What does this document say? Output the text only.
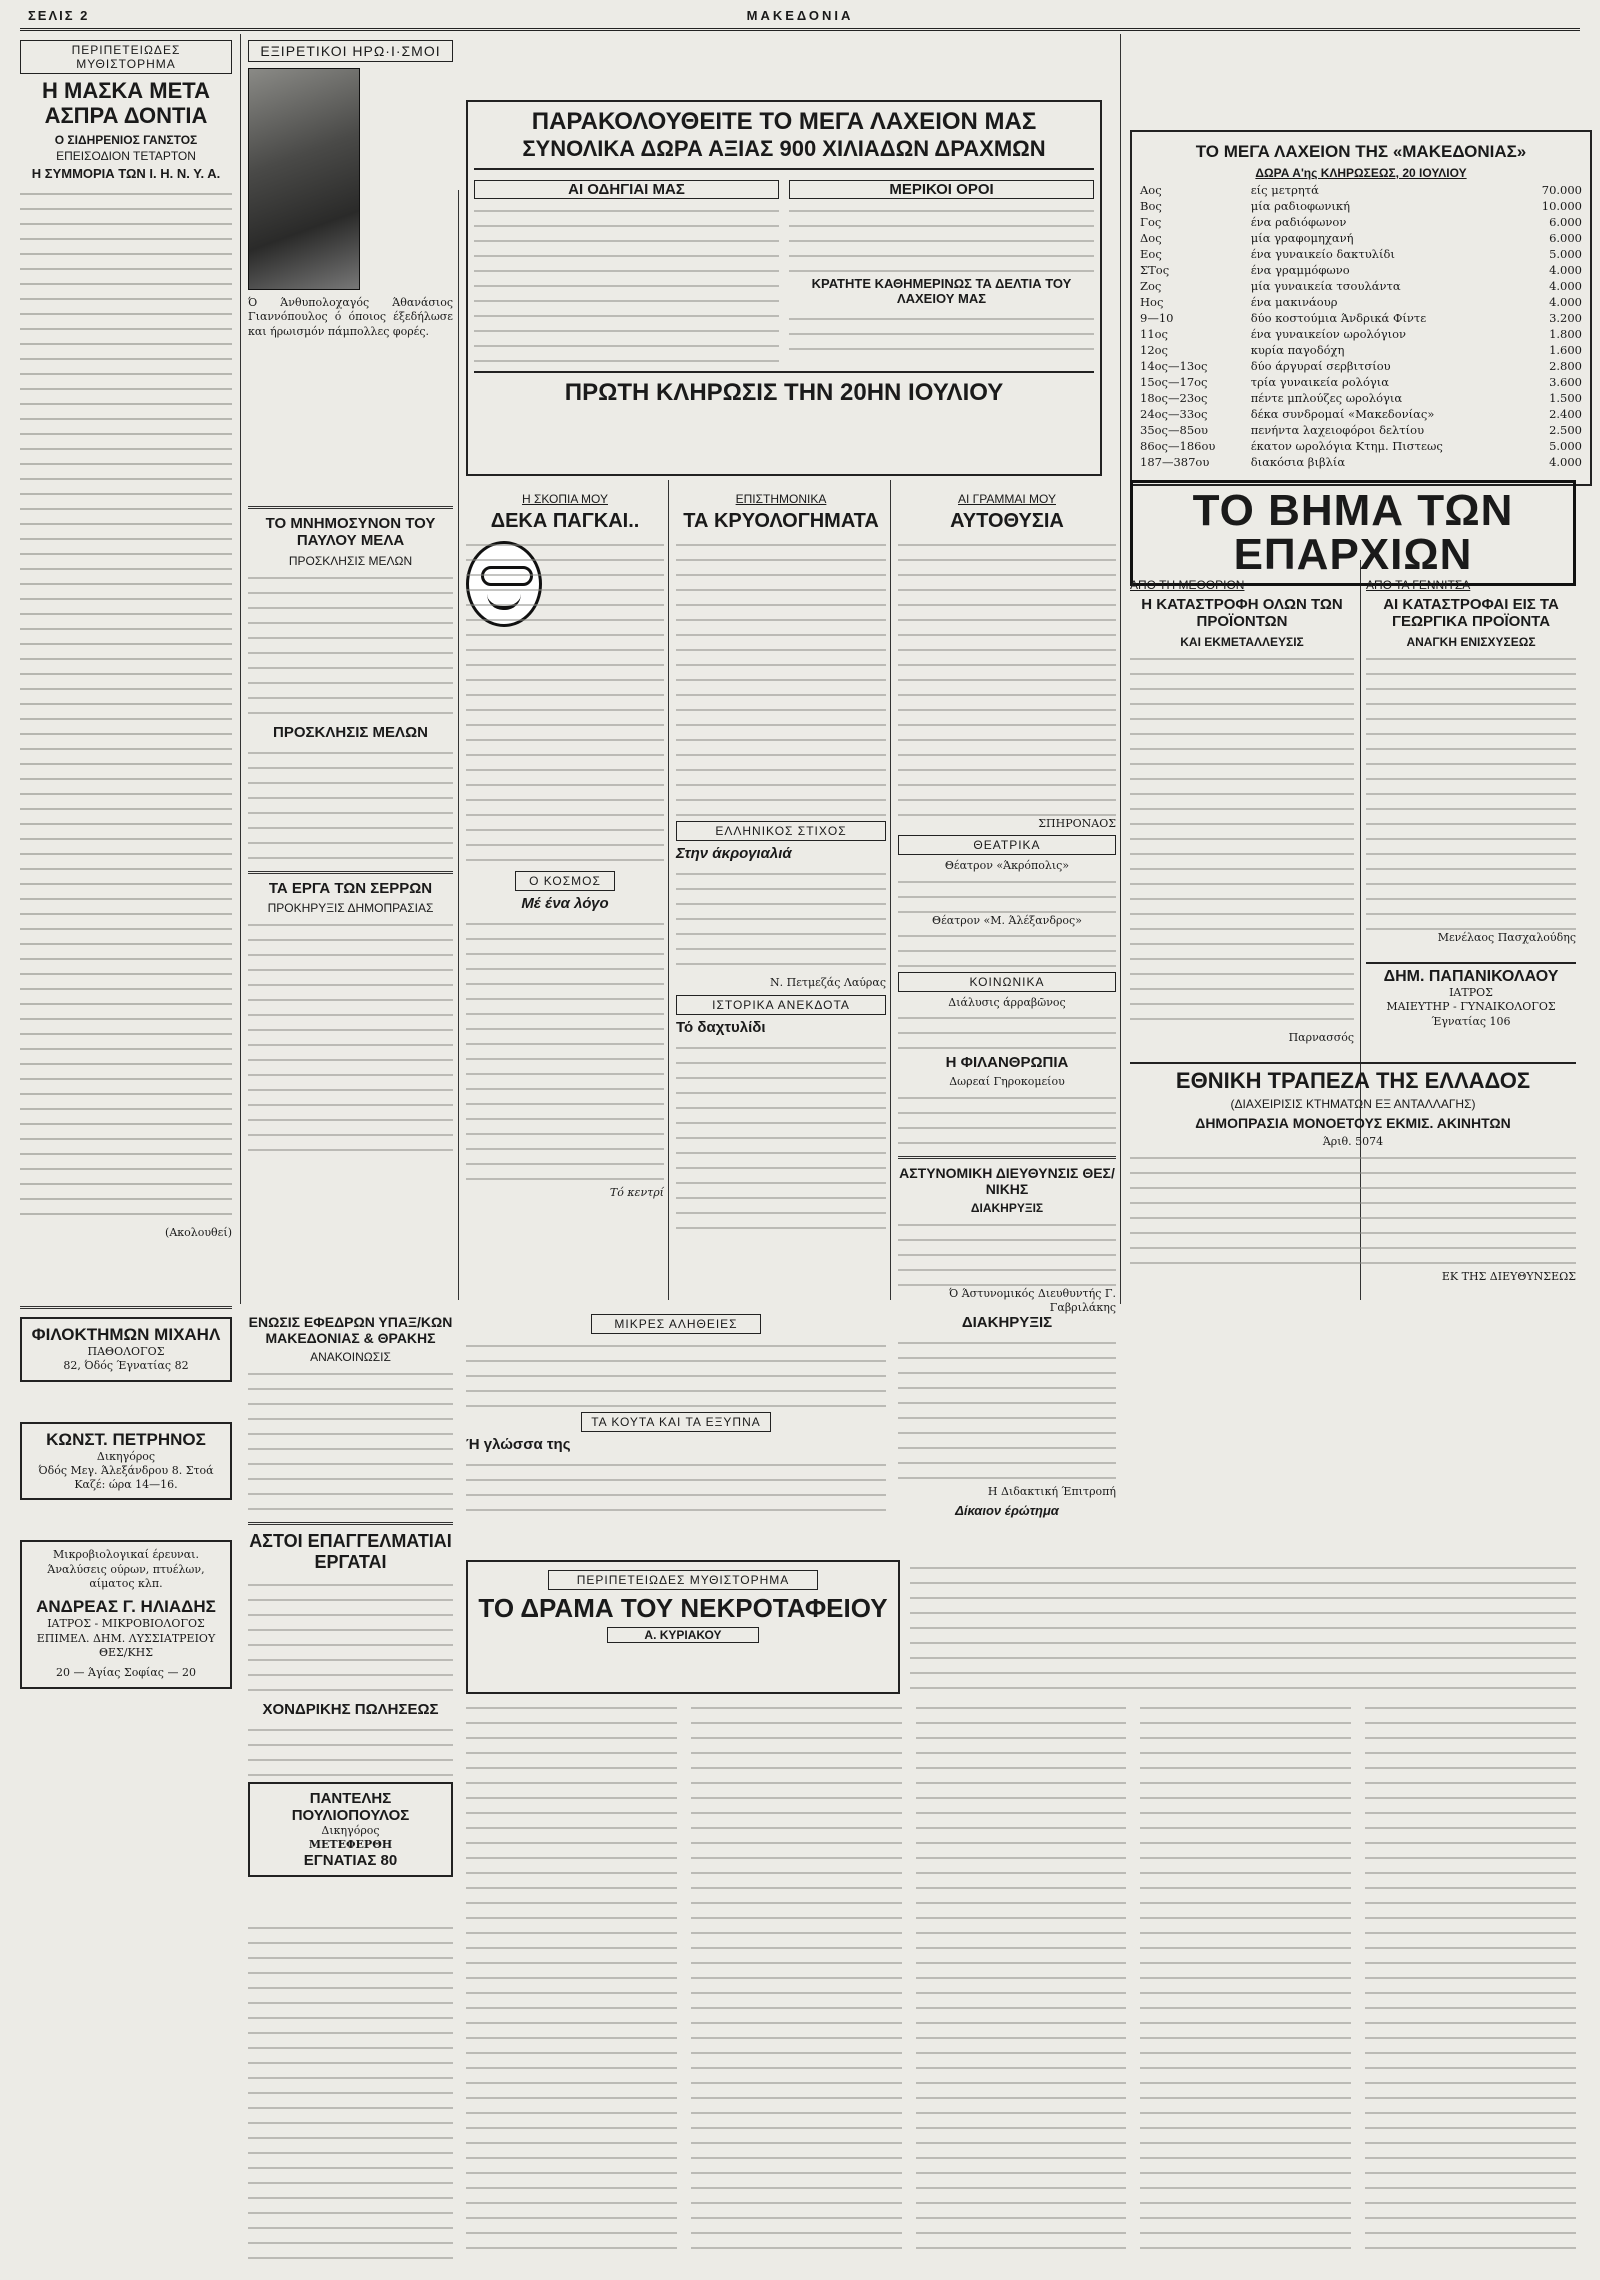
ΣΕΛΙΣ 2	ΜΑΚΕΔΟΝΙΑ
ΠΕΡΙΠΕΤΕΙΩΔΕΣ ΜΥΘΙΣΤΟΡΗΜΑ
Η ΜΑΣΚΑ ΜΕΤΑ ΑΣΠΡΑ ΔΟΝΤΙΑ
Ο ΣΙΔΗΡΕΝΙΟΣ ΓΑΝΣΤΟΣ
ΕΠΕΙΣΟΔΙΟΝ ΤΕΤΑΡΤΟΝ
Η ΣΥΜΜΟΡΙΑ ΤΩΝ Ι. Η. Ν. Υ. Α.
(Ακολουθεί)
ΦΙΛΟΚΤΗΜΩΝ ΜΙΧΑΗΛ
ΠΑΘΟΛΟΓΟΣ
82, Όδός Έγνατίας 82
ΚΩΝΣΤ. ΠΕΤΡΗΝΟΣ
Δικηγόρος
Όδός Μεγ. Άλεξάνδρου 8. Στοά Καζέ: ώρα 14—16.
Μικροβιολογικαί έρευναι. Άναλύσεις ούρων, πτυέλων, αίματος κλπ.
ΑΝΔΡΕΑΣ Γ. ΗΛΙΑΔΗΣ
ΙΑΤΡΟΣ - ΜΙΚΡΟΒΙΟΛΟΓΟΣ
ΕΠΙΜΕΛ. ΔΗΜ. ΛΥΣΣΙΑΤΡΕΙΟΥ ΘΕΣ/ΚΗΣ
20 — Άγίας Σοφίας — 20
ΕΞΙΡΕΤΙΚΟΙ ΗΡΩ·Ι·ΣΜΟΙ
Ό Άνθυπολοχαγός Άθανάσιος Γιαννόπουλος ό όποιος έξεδήλωσε και ήρωισμόν πάμπολλες φορές.
ΠΑΡΑΚΟΛΟΥΘΕΙΤΕ ΤΟ ΜΕΓΑ ΛΑΧΕΙΟΝ ΜΑΣ
ΣΥΝΟΛΙΚΑ ΔΩΡΑ ΑΞΙΑΣ 900 ΧΙΛΙΑΔΩΝ ΔΡΑΧΜΩΝ
ΑΙ ΟΔΗΓΙΑΙ ΜΑΣ	ΜΕΡΙΚΟΙ ΟΡΟΙ
ΚΡΑΤΗΤΕ ΚΑΘΗΜΕΡΙΝΩΣ ΤΑ ΔΕΛΤΙΑ ΤΟΥ ΛΑΧΕΙΟΥ ΜΑΣ
ΠΡΩΤΗ ΚΛΗΡΩΣΙΣ ΤΗΝ 20ΗΝ ΙΟΥΛΙΟΥ
ΤΟ ΜΕΓΑ ΛΑΧΕΙΟΝ ΤΗΣ «ΜΑΚΕΔΟΝΙΑΣ»
ΔΩΡΑ Α'ης ΚΛΗΡΩΣΕΩΣ, 20 ΙΟΥΛΙΟΥ
Αος	είς μετρητά	70.000
Βος	μία ραδιοφωνική	10.000
Γος	ένα ραδιόφωνον	6.000
Δος	μία γραφομηχανή	6.000
Εος	ένα γυναικείο δακτυλίδι	5.000
ΣΤος	ένα γραμμόφωνο	4.000
Ζος	μία γυναικεία τσουλάντα	4.000
Ηος	ένα μακινάουρ	4.000
9—10	δύο κοστούμια Άνδρικά Φίντε	3.200
11ος	ένα γυναικείον ωρολόγιον	1.800
12ος	κυρία παγοδόχη	1.600
14ος—13ος	δύο άργυραί σερβιτσίου	2.800
15ος—17ος	τρία γυναικεία ρολόγια	3.600
18ος—23ος	πέντε μπλούζες ωρολόγια	1.500
24ος—33ος	δέκα συνδρομαί «Μακεδονίας»	2.400
35ος—85ου	πενήντα λαχειοφόροι δελτίου	2.500
86ος—186ου	έκατον ωρολόγια Κτημ. Πιστεως	5.000
187—387ου	διακόσια βιβλία	4.000
ΤΟ ΜΝΗΜΟΣΥΝΟΝ ΤΟΥ ΠΑΥΛΟΥ ΜΕΛΑ
ΠΡΟΣΚΛΗΣΙΣ ΜΕΛΩΝ
ΠΡΟΣΚΛΗΣΙΣ ΜΕΛΩΝ
ΤΑ ΕΡΓΑ ΤΩΝ ΣΕΡΡΩΝ
ΠΡΟΚΗΡΥΞΙΣ ΔΗΜΟΠΡΑΣΙΑΣ
Η ΣΚΟΠΙΑ ΜΟΥ
ΔΕΚΑ ΠΑΓΚΑΙ..
Ο ΚΟΣΜΟΣ
Μέ ένα λόγο
Τό κεντρί
ΕΠΙΣΤΗΜΟΝΙΚΑ
ΤΑ ΚΡΥΟΛΟΓΗΜΑΤΑ
ΕΛΛΗΝΙΚΟΣ ΣΤΙΧΟΣ
Στην άκρογιαλιά
Ν. Πετμεζάς Λαύρας
ΙΣΤΟΡΙΚΑ ΑΝΕΚΔΟΤΑ
Τό δαχτυλίδι
ΑΙ ΓΡΑΜΜΑΙ ΜΟΥ
ΑΥΤΟΘΥΣΙΑ
ΣΠΗΡΟΝΑΟΣ
ΘΕΑΤΡΙΚΑ
Θέατρον «Άκρόπολις»
Θέατρον «Μ. Άλέξανδρος»
ΚΟΙΝΩΝΙΚΑ
Διάλυσις άρραβῶνος
Η ΦΙΛΑΝΘΡΩΠΙΑ
Δωρεαί Γηροκομείου
ΑΣΤΥΝΟΜΙΚΗ ΔΙΕΥΘΥΝΣΙΣ ΘΕΣ/ΝΙΚΗΣ
ΔΙΑΚΗΡΥΞΙΣ
Ό Άστυνομικός Διευθυντής Γ. Γαβριλάκης
ΤΟ ΒΗΜΑ ΤΩΝ ΕΠΑΡΧΙΩΝ
ΑΠΟ ΤΗ ΜΕΘΟΡΙΟΝ
Η ΚΑΤΑΣΤΡΟΦΗ ΟΛΩΝ ΤΩΝ ΠΡΟΪΟΝΤΩΝ
ΚΑΙ ΕΚΜΕΤΑΛΛΕΥΣΙΣ
Παρνασσός
ΑΠΟ ΤΑ ΓΕΝΝΙΤΣΑ
ΑΙ ΚΑΤΑΣΤΡΟΦΑΙ ΕΙΣ ΤΑ ΓΕΩΡΓΙΚΑ ΠΡΟΪΟΝΤΑ
ΑΝΑΓΚΗ ΕΝΙΣΧΥΣΕΩΣ
Μενέλαος Πασχαλούδης
ΔΗΜ. ΠΑΠΑΝΙΚΟΛΑΟΥ
ΙΑΤΡΟΣ
ΜΑΙΕΥΤΗΡ - ΓΥΝΑΙΚΟΛΟΓΟΣ
Έγνατίας 106
ΕΘΝΙΚΗ ΤΡΑΠΕΖΑ ΤΗΣ ΕΛΛΑΔΟΣ
(ΔΙΑΧΕΙΡΙΣΙΣ ΚΤΗΜΑΤΩΝ ΕΞ ΑΝΤΑΛΛΑΓΗΣ)
ΔΗΜΟΠΡΑΣΙΑ ΜΟΝΟΕΤΟΥΣ ΕΚΜΙΣ. ΑΚΙΝΗΤΩΝ
Άριθ. 5074
ΕΚ ΤΗΣ ΔΙΕΥΘΥΝΣΕΩΣ
ΕΝΩΣΙΣ ΕΦΕΔΡΩΝ ΥΠΑΞ/ΚΩΝ ΜΑΚΕΔΟΝΙΑΣ & ΘΡΑΚΗΣ
ΑΝΑΚΟΙΝΩΣΙΣ
ΑΣΤΟΙ ΕΠΑΓΓΕΛΜΑΤΙΑΙ ΕΡΓΑΤΑΙ
ΧΟΝΔΡΙΚΗΣ ΠΩΛΗΣΕΩΣ
ΠΑΝΤΕΛΗΣ ΠΟΥΛΙΟΠΟΥΛΟΣ
Δικηγόρος
ΜΕΤΕΦΕΡΘΗ
ΕΓΝΑΤΙΑΣ 80
ΜΙΚΡΕΣ ΑΛΗΘΕΙΕΣ
ΤΑ ΚΟΥΤΑ ΚΑΙ ΤΑ ΕΞΥΠΝΑ
Ή γλώσσα της
ΔΙΑΚΗΡΥΞΙΣ
Η Διδακτική Έπιτροπή
Δίκαιον έρώτημα
ΠΕΡΙΠΕΤΕΙΩΔΕΣ ΜΥΘΙΣΤΟΡΗΜΑ
ΤΟ ΔΡΑΜΑ ΤΟΥ ΝΕΚΡΟΤΑΦΕΙΟΥ
Α. ΚΥΡΙΑΚΟΥ
